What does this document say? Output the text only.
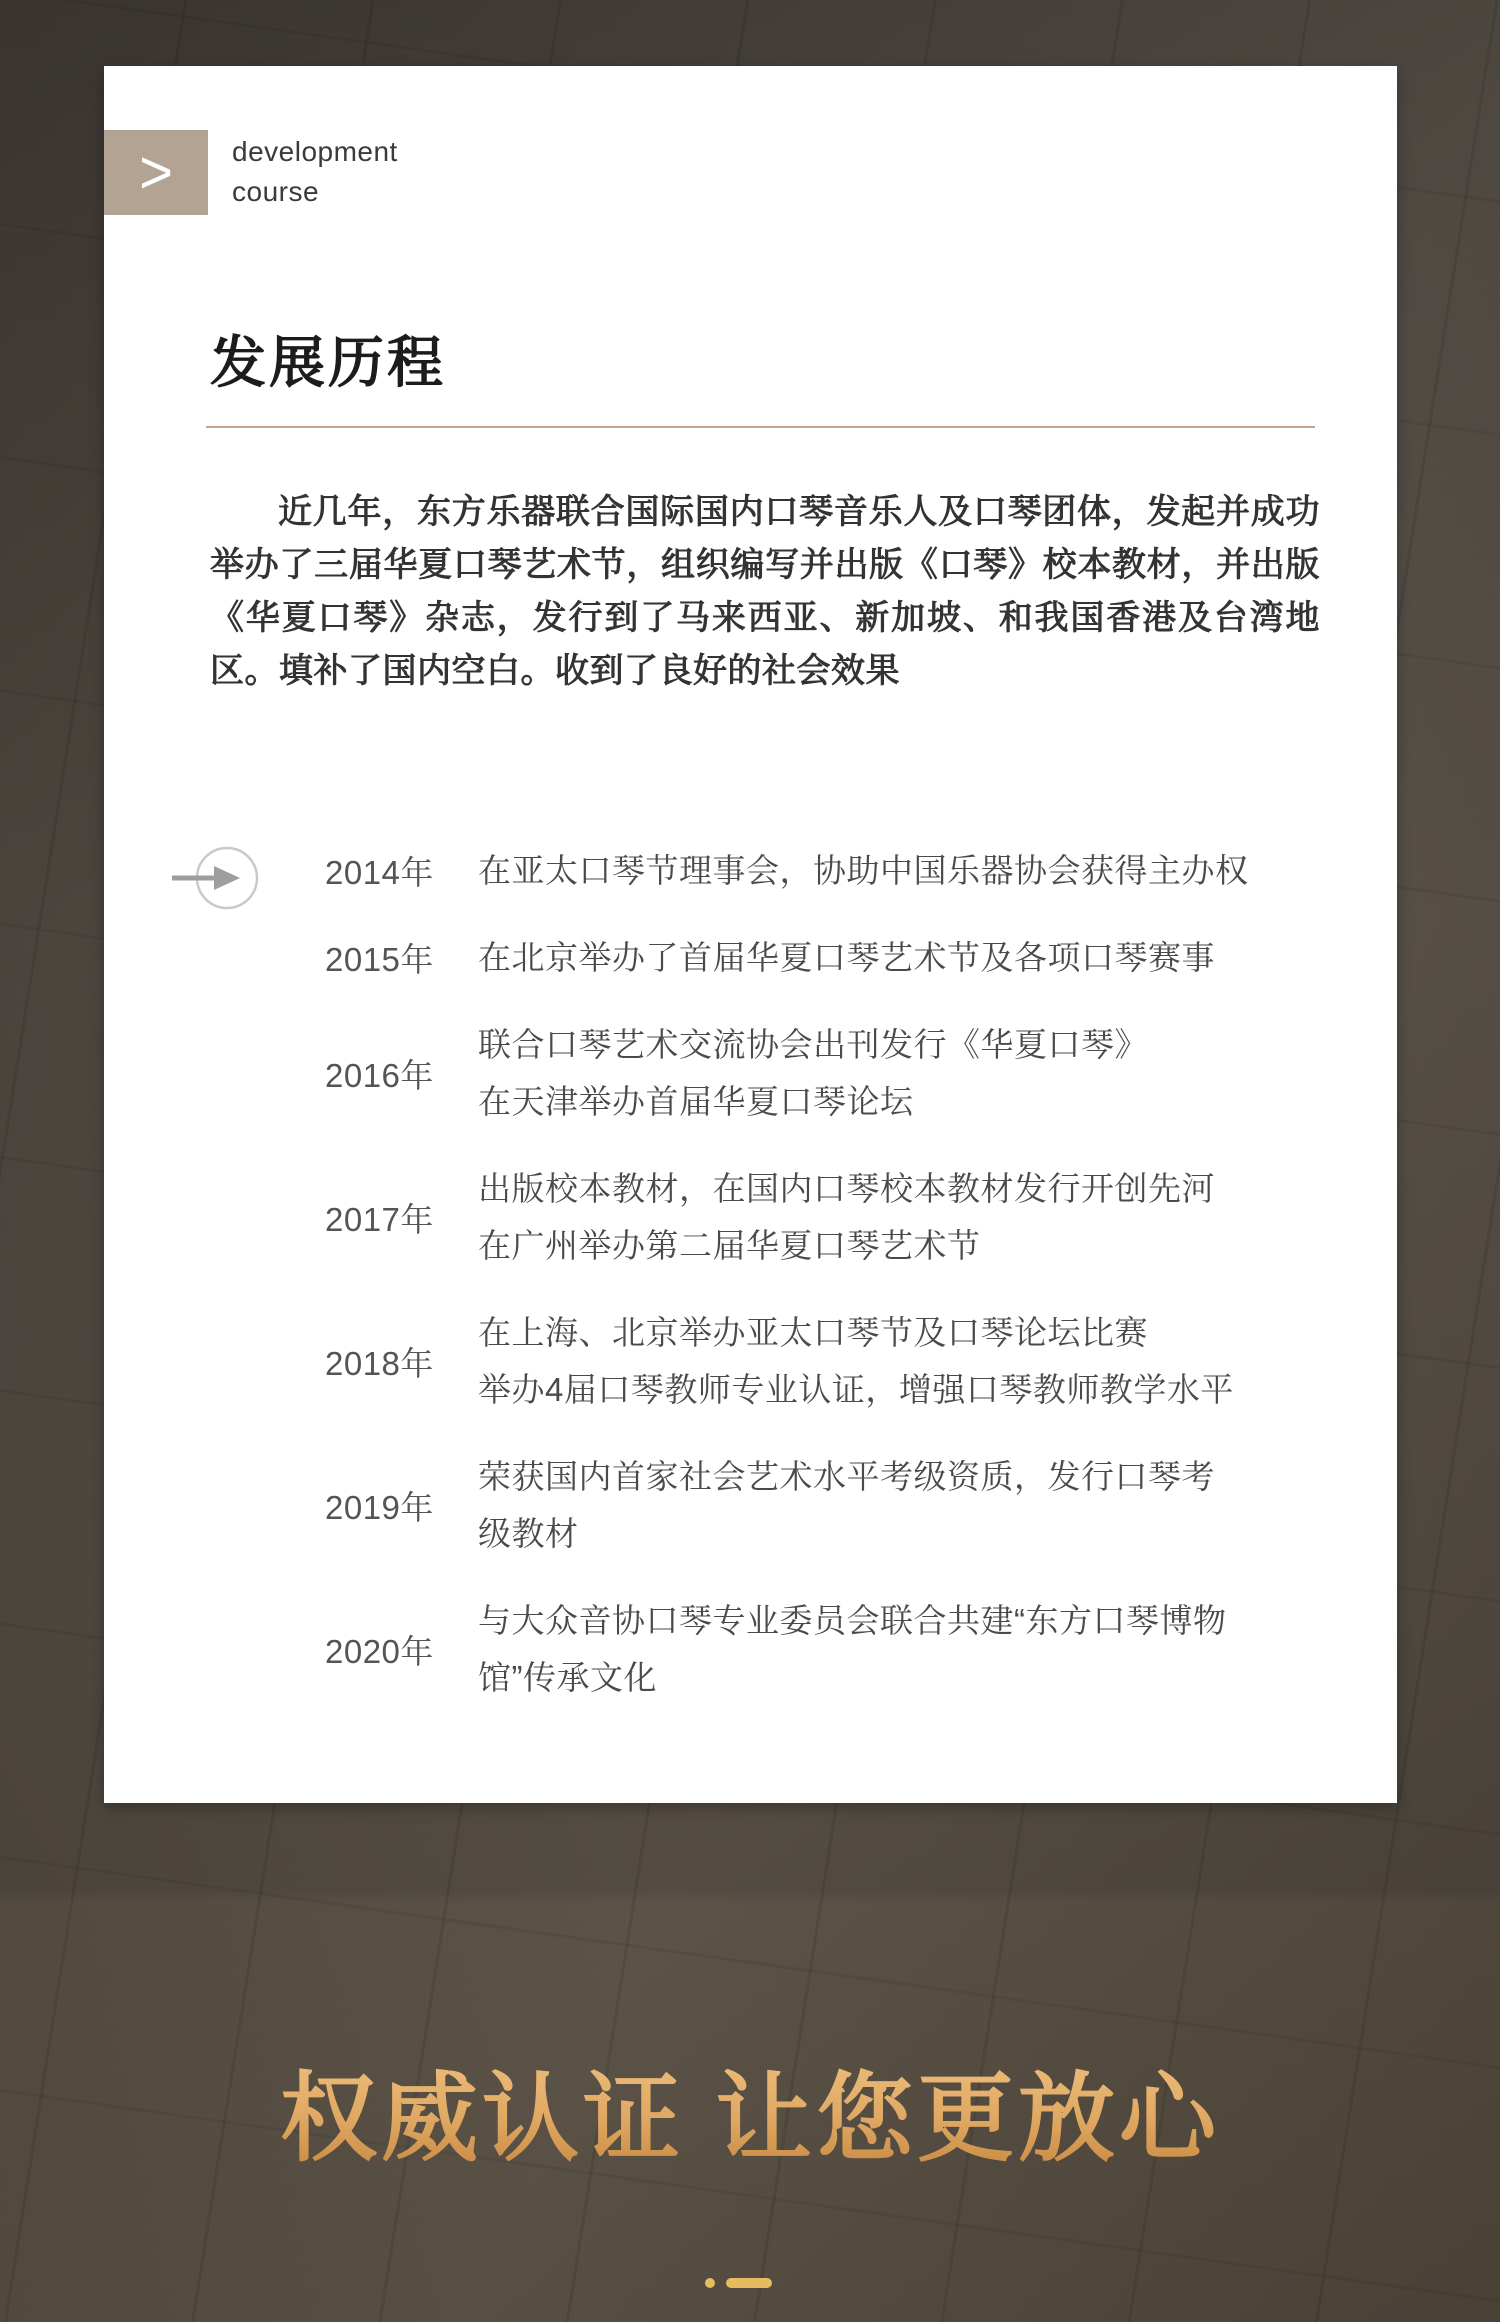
> development
course
发展历程

近几年，东方乐器联合国际国内口琴音乐人及口琴团体，发起并成功举办了三届华夏口琴艺术节，组织编写并出版《口琴》校本教材，并出版《华夏口琴》杂志，发行到了马来西亚、新加坡、和我国香港及台湾地区。填补了国内空白。收到了良好的社会效果

2014年	在亚太口琴节理事会，协助中国乐器协会获得主办权
2015年	在北京举办了首届华夏口琴艺术节及各项口琴赛事
2016年
联合口琴艺术交流协会出刊发行《华夏口琴》
在天津举办首届华夏口琴论坛
2017年
出版校本教材，在国内口琴校本教材发行开创先河
在广州举办第二届华夏口琴艺术节
2018年
在上海、北京举办亚太口琴节及口琴论坛比赛
举办4届口琴教师专业认证，增强口琴教师教学水平
2019年
荣获国内首家社会艺术水平考级资质，发行口琴考
级教材
2020年
与大众音协口琴专业委员会联合共建“东方口琴博物
馆”传承文化
权威认证 让您更放心
